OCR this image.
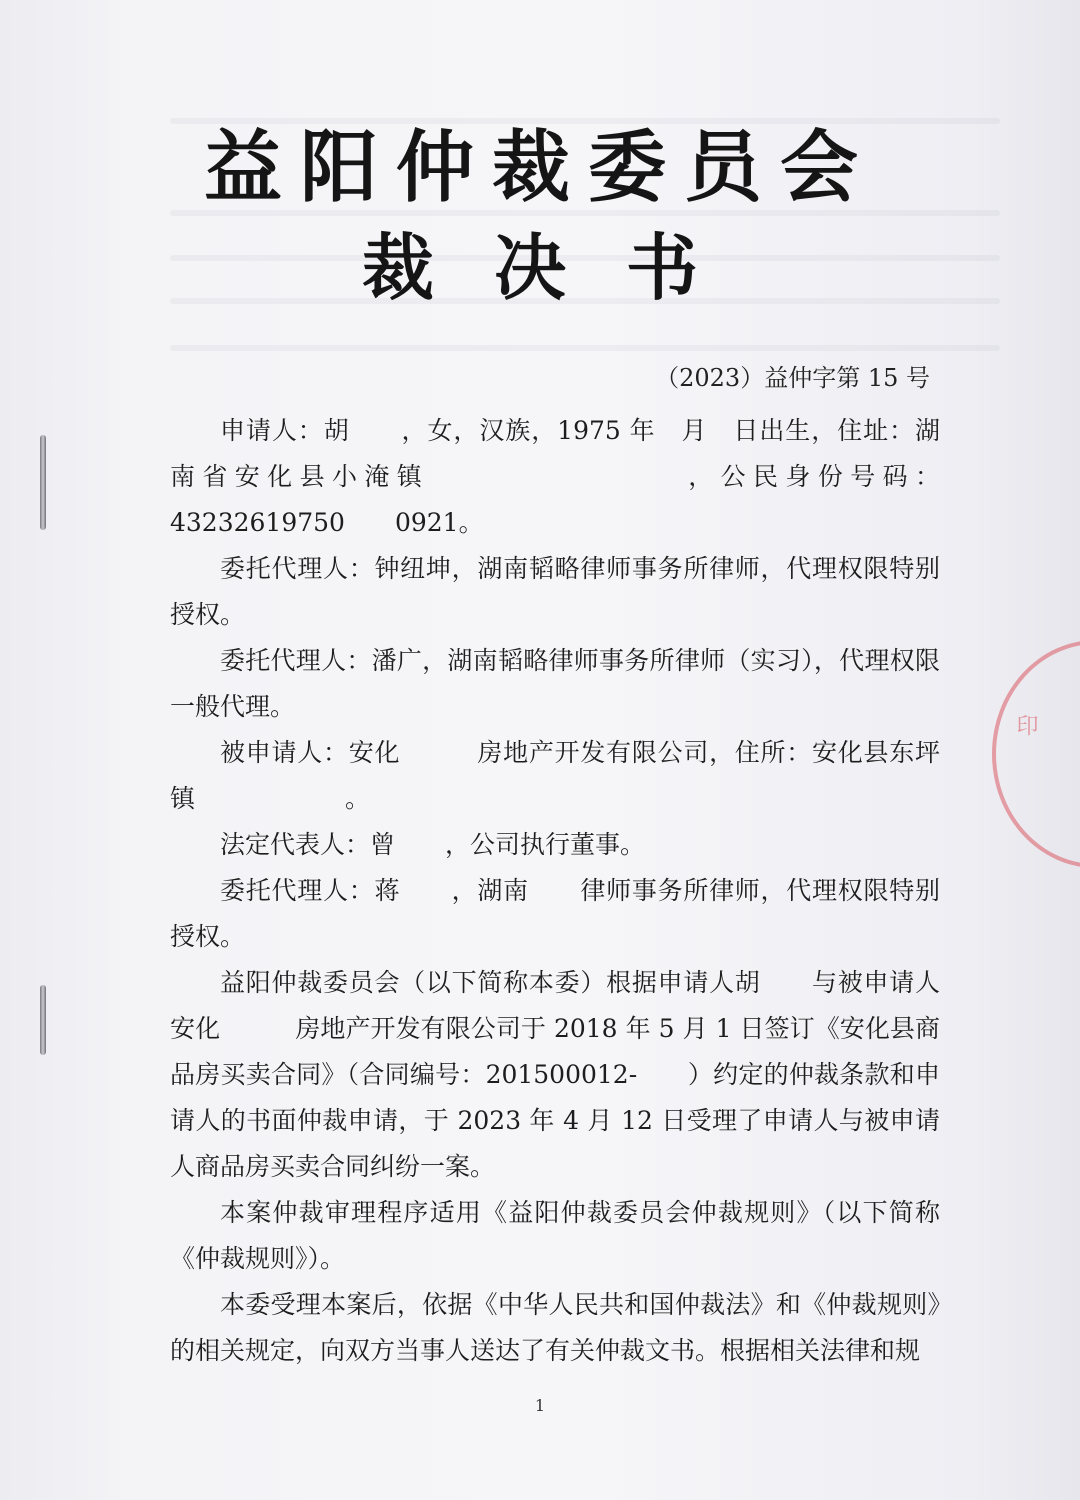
印
益阳仲裁委员会
裁决书
（2023）益仲字第 15 号

申请人：胡　　，女，汉族，1975 年　月　日出生，住址：湖南省安化县小淹镇　　　　　　　　，公民身份号码：43232619750　　0921。

委托代理人：钟纽坤，湖南韬略律师事务所律师，代理权限特别授权。

委托代理人：潘广，湖南韬略律师事务所律师（实习），代理权限一般代理。

被申请人：安化　　　房地产开发有限公司，住所：安化县东坪镇　　　　　　。

法定代表人：曾　　，公司执行董事。

委托代理人：蒋　　，湖南　　律师事务所律师，代理权限特别授权。

益阳仲裁委员会（以下简称本委）根据申请人胡　　与被申请人安化　　　房地产开发有限公司于 2018 年 5 月 1 日签订《安化县商品房买卖合同》（合同编号：201500012-　　）约定的仲裁条款和申请人的书面仲裁申请，于 2023 年 4 月 12 日受理了申请人与被申请人商品房买卖合同纠纷一案。

本案仲裁审理程序适用《益阳仲裁委员会仲裁规则》（以下简称《仲裁规则》）。

本委受理本案后，依据《中华人民共和国仲裁法》和《仲裁规则》的相关规定，向双方当事人送达了有关仲裁文书。根据相关法律和规

1
